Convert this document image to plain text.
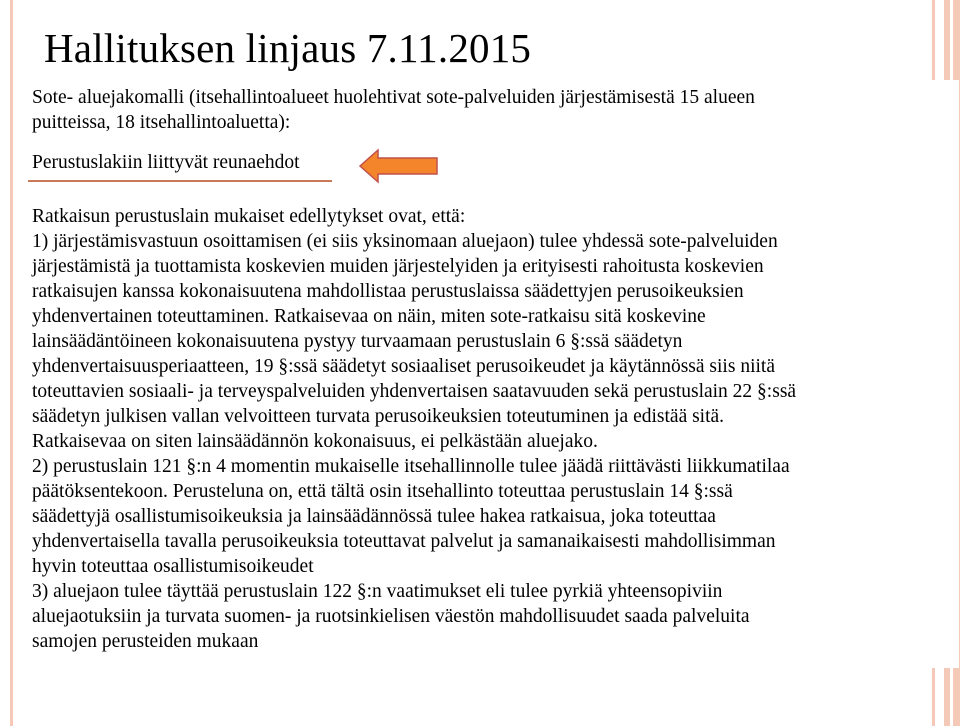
Hallituksen linjaus 7.11.2015

Sote- aluejakomalli (itsehallintoalueet huolehtivat sote-palveluiden järjestämisestä 15 alueen
puitteissa, 18 itsehallintoaluetta):

Perustuslakiin liittyvät reunaehdot

Ratkaisun perustuslain mukaiset edellytykset ovat, että:
1) järjestämisvastuun osoittamisen (ei siis yksinomaan aluejaon) tulee yhdessä sote-palveluiden
järjestämistä ja tuottamista koskevien muiden järjestelyiden ja erityisesti rahoitusta koskevien
ratkaisujen kanssa kokonaisuutena mahdollistaa perustuslaissa säädettyjen perusoikeuksien
yhdenvertainen toteuttaminen. Ratkaisevaa on näin, miten sote-ratkaisu sitä koskevine
lainsäädäntöineen kokonaisuutena pystyy turvaamaan perustuslain 6 §:ssä säädetyn
yhdenvertaisuusperiaatteen, 19 §:ssä säädetyt sosiaaliset perusoikeudet ja käytännössä siis niitä
toteuttavien sosiaali- ja terveyspalveluiden yhdenvertaisen saatavuuden sekä perustuslain 22 §:ssä
säädetyn julkisen vallan velvoitteen turvata perusoikeuksien toteutuminen ja edistää sitä.
Ratkaisevaa on siten lainsäädännön kokonaisuus, ei pelkästään aluejako.
2) perustuslain 121 §:n 4 momentin mukaiselle itsehallinnolle tulee jäädä riittävästi liikkumatilaa
päätöksentekoon. Perusteluna on, että tältä osin itsehallinto toteuttaa perustuslain 14 §:ssä
säädettyjä osallistumisoikeuksia ja lainsäädännössä tulee hakea ratkaisua, joka toteuttaa
yhdenvertaisella tavalla perusoikeuksia toteuttavat palvelut ja samanaikaisesti mahdollisimman
hyvin toteuttaa osallistumisoikeudet
3) aluejaon tulee täyttää perustuslain 122 §:n vaatimukset eli tulee pyrkiä yhteensopiviin
aluejaotuksiin ja turvata suomen- ja ruotsinkielisen väestön mahdollisuudet saada palveluita
samojen perusteiden mukaan
